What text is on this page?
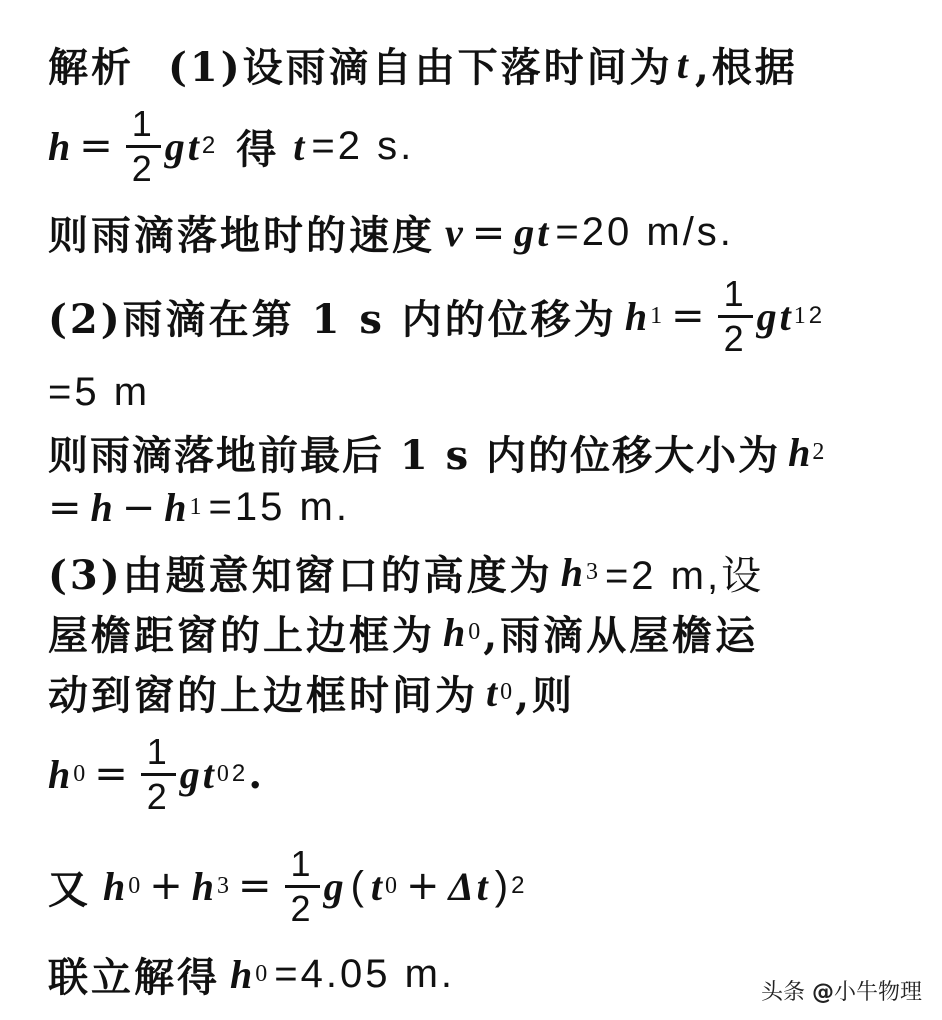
解析 (1)设雨滴自由下落时间为 t ,根据
$h = \frac{1}{2}$ gt 2 得 t =2 s.
则雨滴落地时的速度 v = gt =20 m/s.
(2)雨滴在第 1 s 内的位移为 h $1 = \frac{1}{2}$ gt 1 2
=5 m
则雨滴落地前最后 1 s 内的位移大小为 h 2
= h − h 1 =15 m.
(3)由题意知窗口的高度为 h 3 =2 m,设
屋檐距窗的上边框为 h 0 ,雨滴从屋檐运
动到窗的上边框时间为 t 0 ,则
h $0 = \frac{1}{2}$ gt 0 2 .
又 h 0 + h $3 = \frac{1}{2}$ g ( t 0 + Δt ) 2
联立解得 h 0 =4.05 m.	头条 @小牛物理
